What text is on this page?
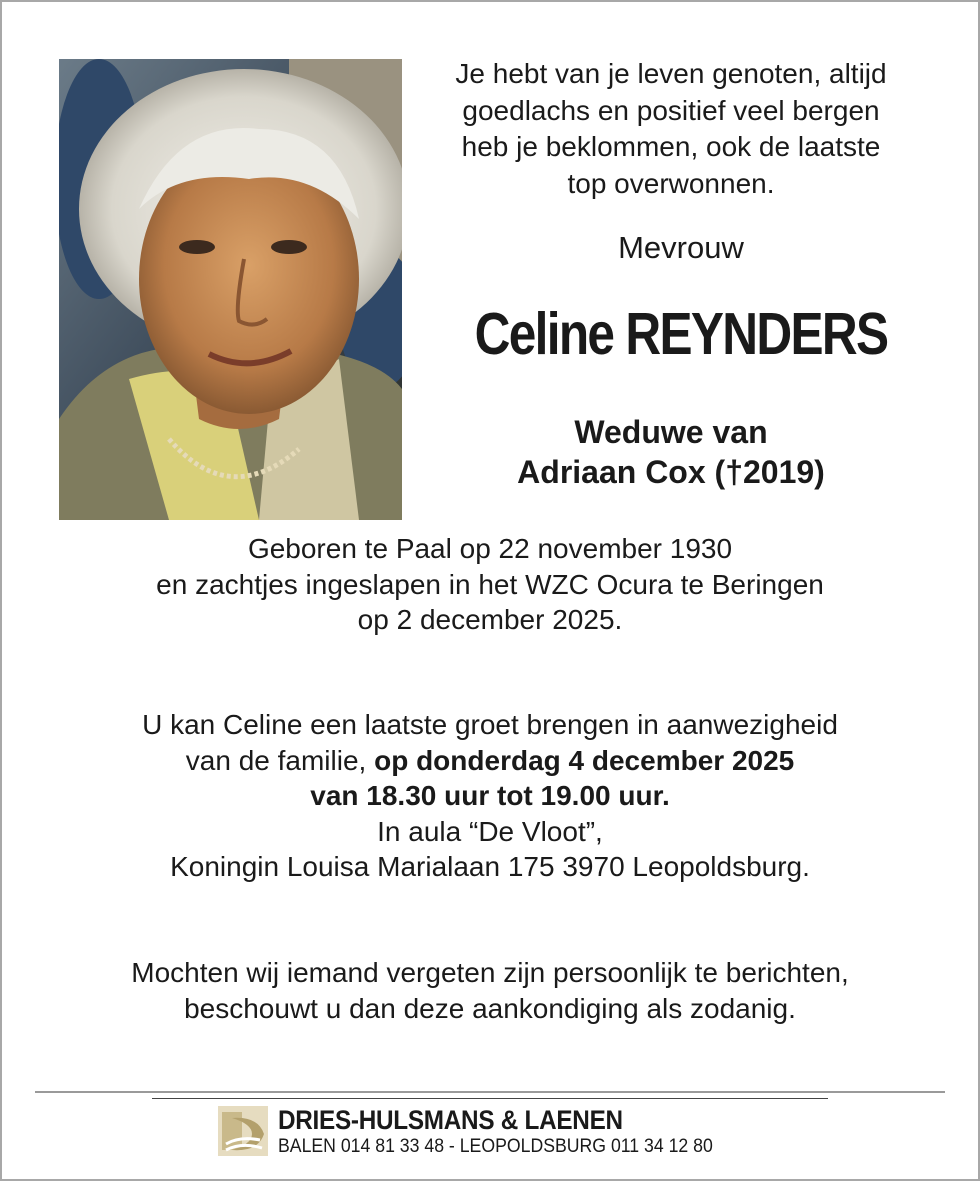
Je hebt van je leven genoten, altijd
goedlachs en positief veel bergen
heb je beklommen, ook de laatste
top overwonnen.
Mevrouw
Celine REYNDERS
Weduwe van
Adriaan Cox (†2019)
Geboren te Paal op 22 november 1930
en zachtjes ingeslapen in het WZC Ocura te Beringen
op 2 december 2025.
U kan Celine een laatste groet brengen in aanwezigheid
van de familie, op donderdag 4 december 2025
van 18.30 uur tot 19.00 uur.
In aula “De Vloot”,
Koningin Louisa Marialaan 175 3970 Leopoldsburg.
Mochten wij iemand vergeten zijn persoonlijk te berichten,
beschouwt u dan deze aankondiging als zodanig.
DRIES-HULSMANS & LAENEN
BALEN 014 81 33 48 - LEOPOLDSBURG 011 34 12 80
